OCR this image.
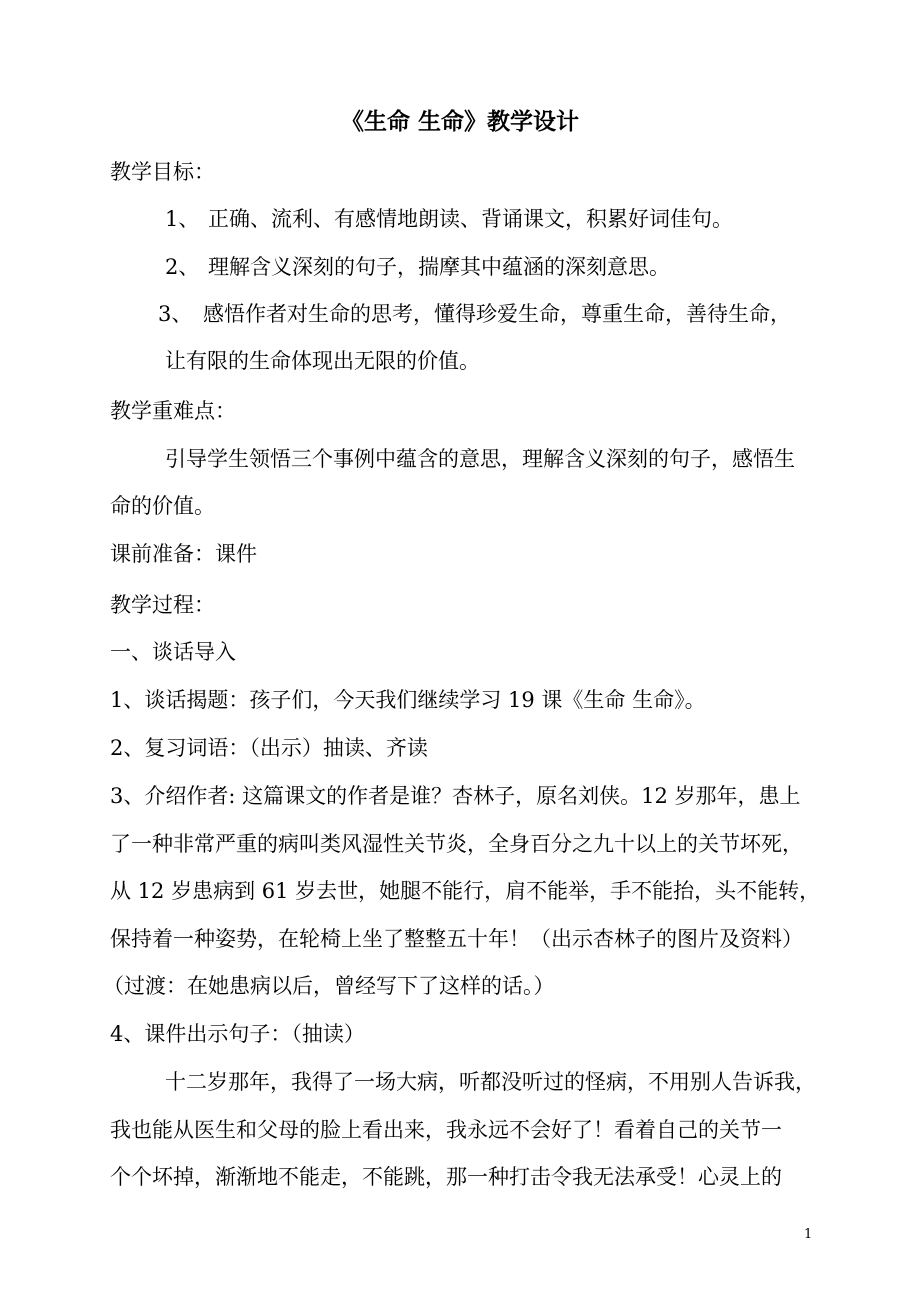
《生命 生命》教学设计
教学目标：
1、 正确、流利、有感情地朗读、背诵课文，积累好词佳句。
2、 理解含义深刻的句子，揣摩其中蕴涵的深刻意思。
3、 感悟作者对生命的思考，懂得珍爱生命，尊重生命，善待生命，
让有限的生命体现出无限的价值。
教学重难点：
引导学生领悟三个事例中蕴含的意思，理解含义深刻的句子，感悟生
命的价值。
课前准备：课件
教学过程：
一、谈话导入
1、谈话揭题：孩子们，今天我们继续学习 19 课《生命 生命》。
2、复习词语：（出示）抽读、齐读
3、介绍作者: 这篇课文的作者是谁？杏林子，原名刘侠。12 岁那年，患上
了一种非常严重的病叫类风湿性关节炎，全身百分之九十以上的关节坏死，
从 12 岁患病到 61 岁去世，她腿不能行，肩不能举，手不能抬，头不能转，
保持着一种姿势，在轮椅上坐了整整五十年！（出示杏林子的图片及资料）
（过渡：在她患病以后，曾经写下了这样的话。）
4、课件出示句子：（抽读）
十二岁那年，我得了一场大病，听都没听过的怪病，不用别人告诉我，
我也能从医生和父母的脸上看出来，我永远不会好了！看着自己的关节一
个个坏掉，渐渐地不能走，不能跳，那一种打击令我无法承受！心灵上的
1
